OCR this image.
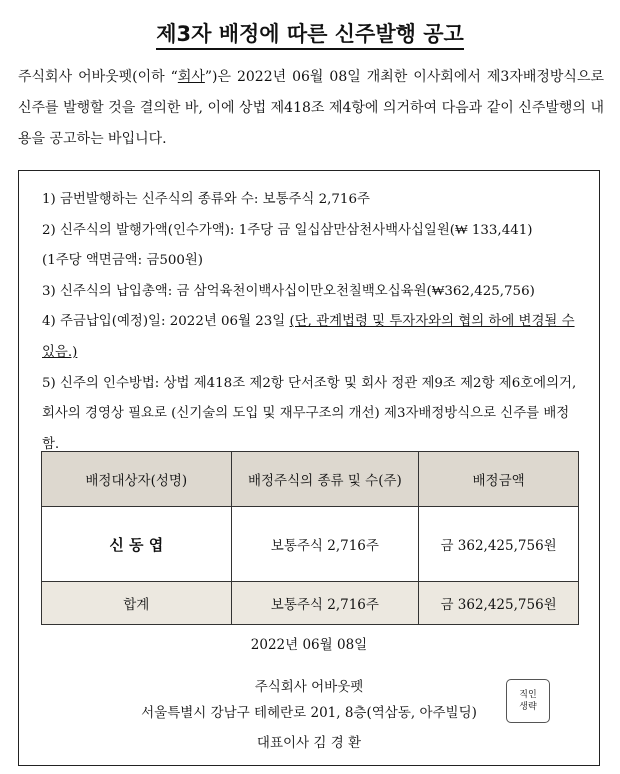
제3자 배정에 따른 신주발행 공고
주식회사 어바웃펫(이하 “회사”)은 2022년 06월 08일 개최한 이사회에서 제3자배정방식으로 신주를 발행할 것을 결의한 바, 이에 상법 제418조 제4항에 의거하여 다음과 같이 신주발행의 내용을 공고하는 바입니다.
1) 금번발행하는 신주식의 종류와 수: 보통주식 2,716주
2) 신주식의 발행가액(인수가액): 1주당 금 일십삼만삼천사백사십일원(₩ 133,441)
(1주당 액면금액: 금500원)
3) 신주식의 납입총액: 금 삼억육천이백사십이만오천칠백오십육원(₩362,425,756)
4) 주금납입(예정)일: 2022년 06월 23일 (단, 관계법령 및 투자자와의 협의 하에 변경될 수 있음.)
5) 신주의 인수방법: 상법 제418조 제2항 단서조항 및 회사 정관 제9조 제2항 제6호에의거, 회사의 경영상 필요로 (신기술의 도입 및 재무구조의 개선) 제3자배정방식으로 신주를 배정함.
배정대상자(성명)	배정주식의 종류 및 수(주)	배정금액
신 동 엽	보통주식 2,716주	금 362,425,756원
합계	보통주식 2,716주	금 362,425,756원
2022년 06월 08일
주식회사 어바웃펫
서울특별시 강남구 테헤란로 201, 8층(역삼동, 아주빌딩)
대표이사 김 경 환
직인
생략
